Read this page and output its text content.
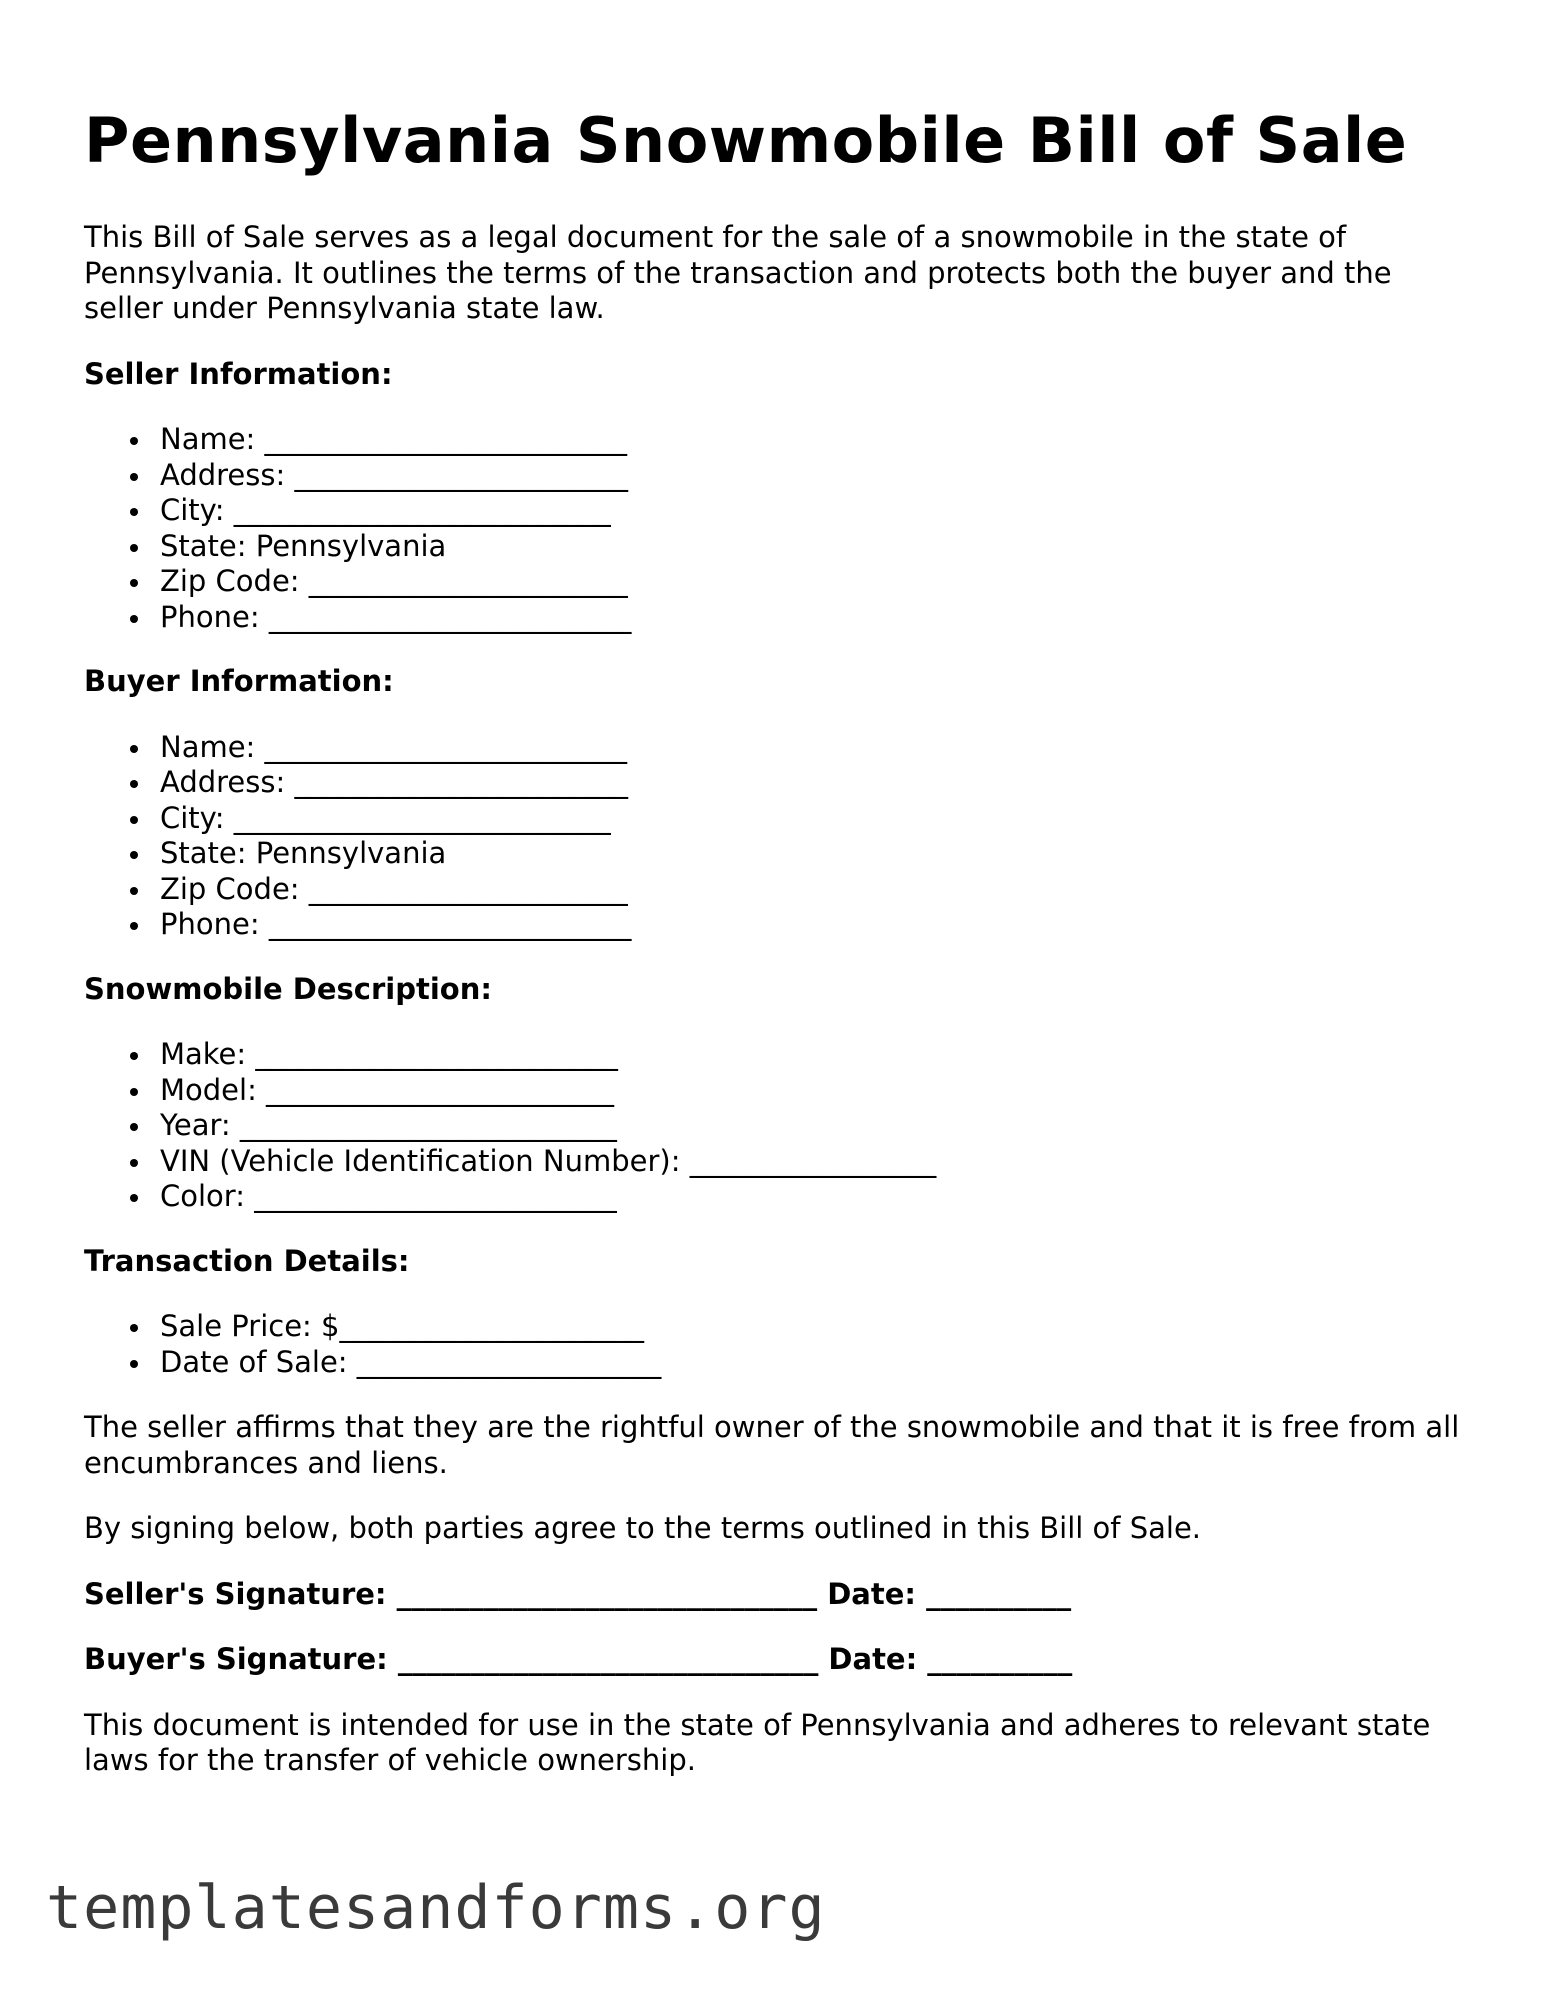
Pennsylvania Snowmobile Bill of Sale

This Bill of Sale serves as a legal document for the sale of a snowmobile in the state of Pennsylvania. It outlines the terms of the transaction and protects both the buyer and the seller under Pennsylvania state law.

Seller Information:
Name: _________________________
Address: _______________________
City: __________________________
State: Pennsylvania
Zip Code: ______________________
Phone: _________________________
Buyer Information:
Name: _________________________
Address: _______________________
City: __________________________
State: Pennsylvania
Zip Code: ______________________
Phone: _________________________
Snowmobile Description:
Make: _________________________
Model: ________________________
Year: __________________________
VIN (Vehicle Identification Number): _________________
Color: _________________________
Transaction Details:
Sale Price: $_____________________
Date of Sale: _____________________

The seller affirms that they are the rightful owner of the snowmobile and that it is free from all encumbrances and liens.

By signing below, both parties agree to the terms outlined in this Bill of Sale.

Seller's Signature: _____________________________ Date: __________
Buyer's Signature: _____________________________ Date: __________

This document is intended for use in the state of Pennsylvania and adheres to relevant state laws for the transfer of vehicle ownership.

templatesandforms.org
